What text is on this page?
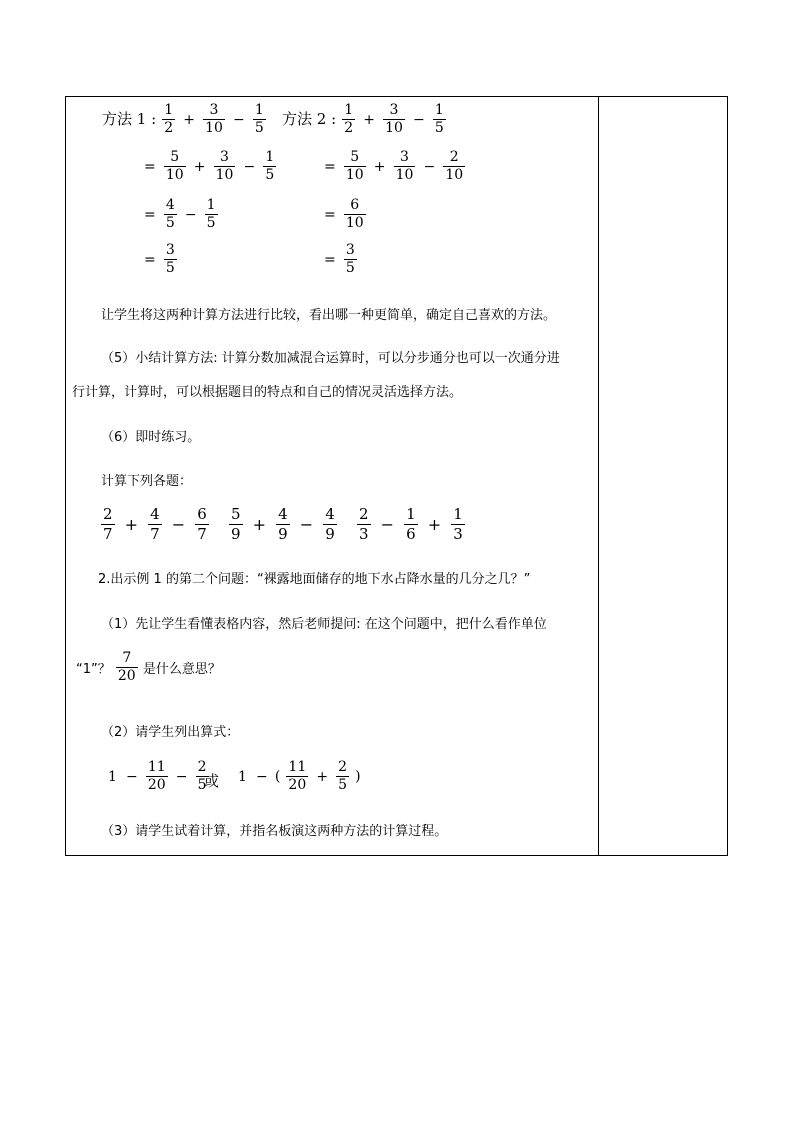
方法 1 : $\frac{1}{2} + \frac{3}{10} - \frac{1}{5}$
= $\frac{5}{10} + \frac{3}{10} - \frac{1}{5}$
= $\frac{4}{5} - \frac{1}{5}$
= $\frac{3}{5}$
方法 2 : $\frac{1}{2} + \frac{3}{10} - \frac{1}{5}$
= $\frac{5}{10} + \frac{3}{10} - \frac{2}{10}$
= $\frac{6}{10}$
= $\frac{3}{5}$
让学生将这两种计算方法进行比较，看出哪一种更简单，确定自己喜欢的方法。
（5）小结计算方法: 计算分数加减混合运算时，可以分步通分也可以一次通分进
行计算，计算时，可以根据题目的特点和自己的情况灵活选择方法。
（6）即时练习。
计算下列各题：
$\frac{2}{7} + \frac{4}{7} - \frac{6}{7} \frac{5}{9} + \frac{4}{9} - \frac{4}{9} \frac{2}{3} - \frac{1}{6} + \frac{1}{3}$
2.出示例 1 的第二个问题：“裸露地面储存的地下水占降水量的几分之几？”
（1）先让学生看懂表格内容，然后老师提问: 在这个问题中，把什么看作单位
“1”？ $\frac{7}{20}$ 是什么意思？
（2）请学生列出算式：
$1 - \frac{11}{20} - \frac{2}{5}$
或 1 − ( $\frac{11}{20} + \frac{2}{5}$ )
（3）请学生试着计算，并指名板演这两种方法的计算过程。
